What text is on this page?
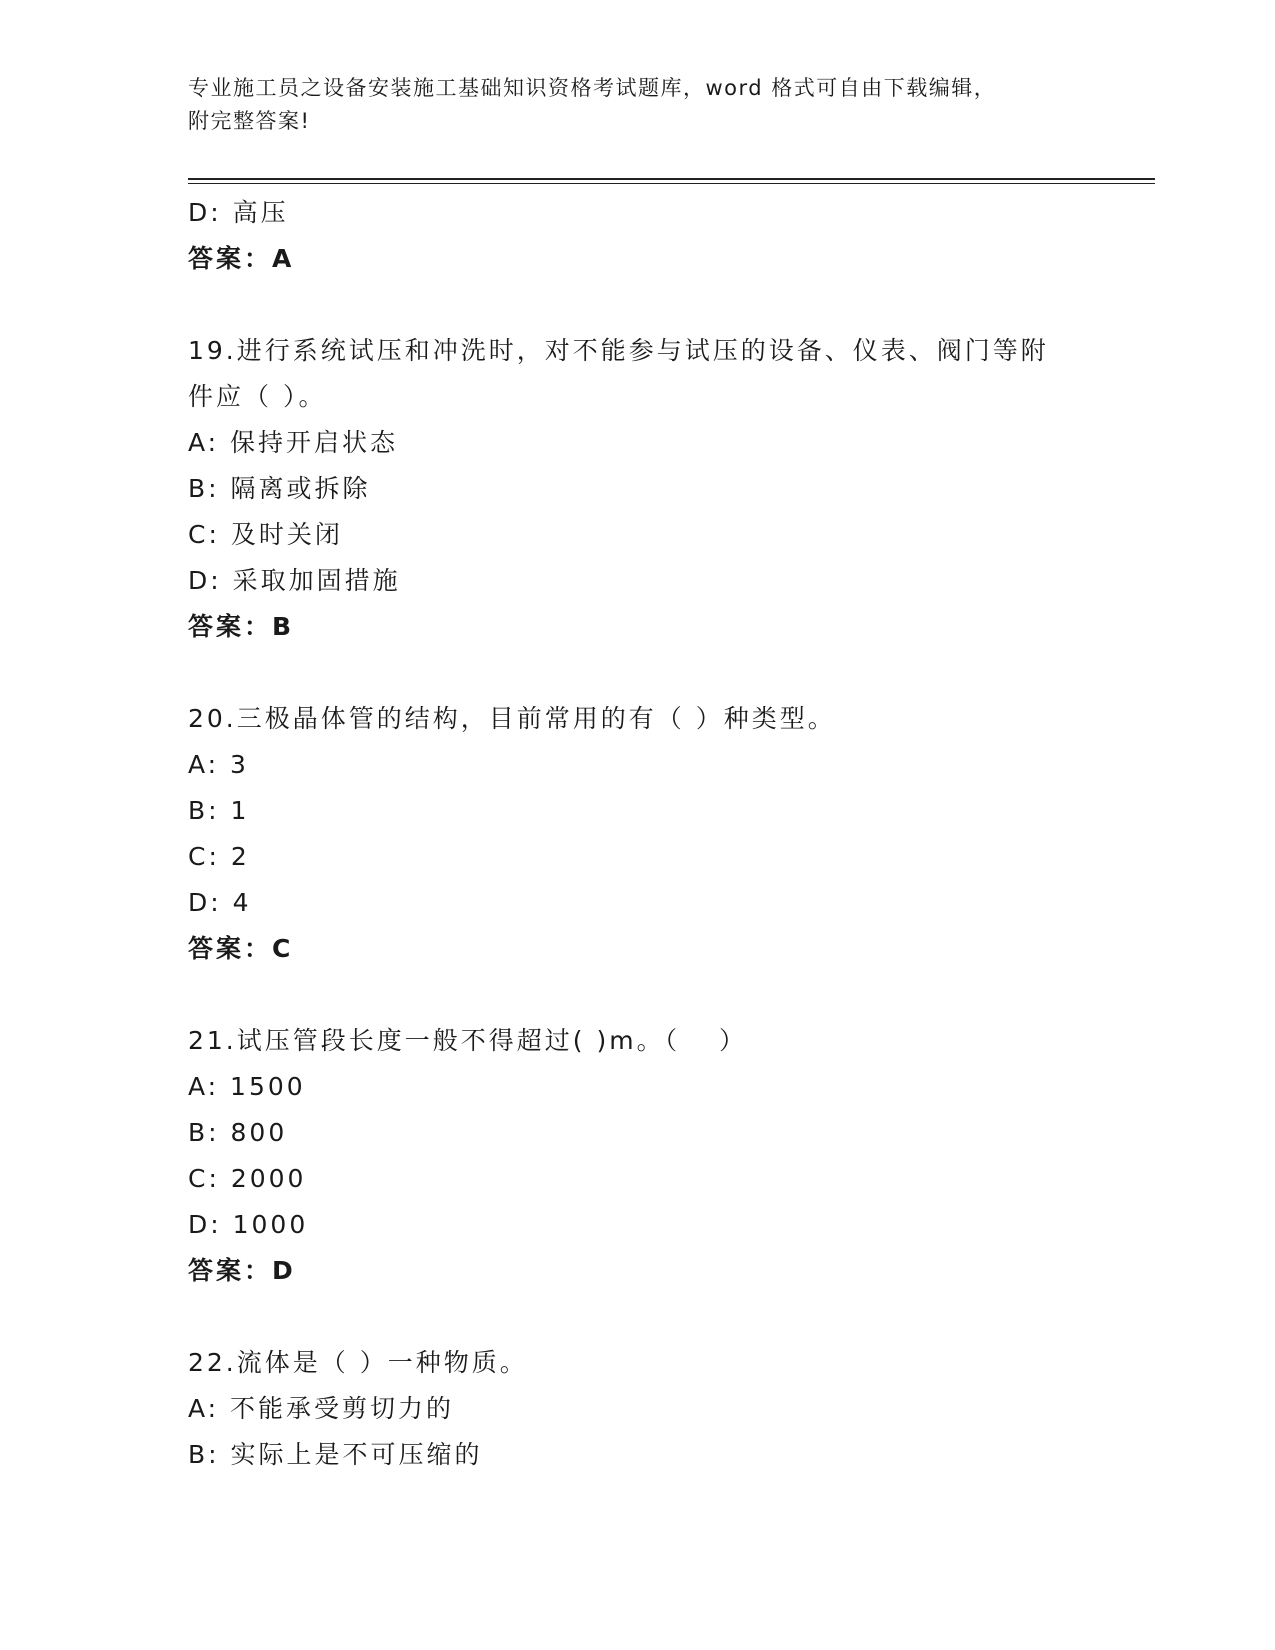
专业施工员之设备安装施工基础知识资格考试题库，word 格式可自由下载编辑，
附完整答案!
D: 高压
答案：A
19.进行系统试压和冲洗时，对不能参与试压的设备、仪表、阀门等附
件应（ ）。
A: 保持开启状态
B: 隔离或拆除
C: 及时关闭
D: 采取加固措施
答案：B
20.三极晶体管的结构，目前常用的有（ ）种类型。
A: 3
B: 1
C: 2
D: 4
答案：C
21.试压管段长度一般不得超过( )m。（　 ）
A: 1500
B: 800
C: 2000
D: 1000
答案：D
22.流体是（ ）一种物质。
A: 不能承受剪切力的
B: 实际上是不可压缩的
